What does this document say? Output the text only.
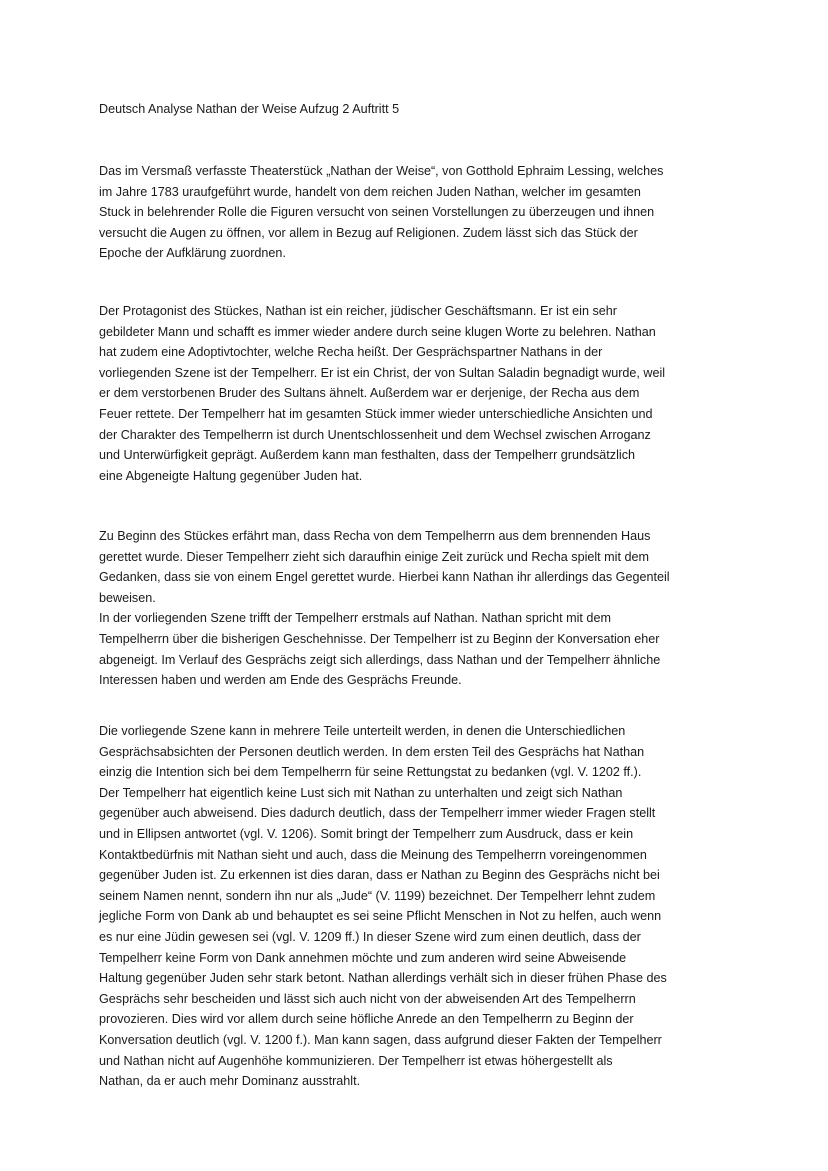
Deutsch Analyse Nathan der Weise Aufzug 2 Auftritt 5

Das im Versmaß verfasste Theaterstück „Nathan der Weise“, von Gotthold Ephraim Lessing, welches
im Jahre 1783 uraufgeführt wurde, handelt von dem reichen Juden Nathan, welcher im gesamten
Stuck in belehrender Rolle die Figuren versucht von seinen Vorstellungen zu überzeugen und ihnen
versucht die Augen zu öffnen, vor allem in Bezug auf Religionen. Zudem lässt sich das Stück der
Epoche der Aufklärung zuordnen.
Der Protagonist des Stückes, Nathan ist ein reicher, jüdischer Geschäftsmann. Er ist ein sehr
gebildeter Mann und schafft es immer wieder andere durch seine klugen Worte zu belehren. Nathan
hat zudem eine Adoptivtochter, welche Recha heißt. Der Gesprächspartner Nathans in der
vorliegenden Szene ist der Tempelherr. Er ist ein Christ, der von Sultan Saladin begnadigt wurde, weil
er dem verstorbenen Bruder des Sultans ähnelt. Außerdem war er derjenige, der Recha aus dem
Feuer rettete. Der Tempelherr hat im gesamten Stück immer wieder unterschiedliche Ansichten und
der Charakter des Tempelherrn ist durch Unentschlossenheit und dem Wechsel zwischen Arroganz
und Unterwürfigkeit geprägt. Außerdem kann man festhalten, dass der Tempelherr grundsätzlich
eine Abgeneigte Haltung gegenüber Juden hat.
Zu Beginn des Stückes erfährt man, dass Recha von dem Tempelherrn aus dem brennenden Haus
gerettet wurde. Dieser Tempelherr zieht sich daraufhin einige Zeit zurück und Recha spielt mit dem
Gedanken, dass sie von einem Engel gerettet wurde. Hierbei kann Nathan ihr allerdings das Gegenteil
beweisen.
In der vorliegenden Szene trifft der Tempelherr erstmals auf Nathan. Nathan spricht mit dem
Tempelherrn über die bisherigen Geschehnisse. Der Tempelherr ist zu Beginn der Konversation eher
abgeneigt. Im Verlauf des Gesprächs zeigt sich allerdings, dass Nathan und der Tempelherr ähnliche
Interessen haben und werden am Ende des Gesprächs Freunde.
Die vorliegende Szene kann in mehrere Teile unterteilt werden, in denen die Unterschiedlichen
Gesprächsabsichten der Personen deutlich werden. In dem ersten Teil des Gesprächs hat Nathan
einzig die Intention sich bei dem Tempelherrn für seine Rettungstat zu bedanken (vgl. V. 1202 ff.).
Der Tempelherr hat eigentlich keine Lust sich mit Nathan zu unterhalten und zeigt sich Nathan
gegenüber auch abweisend. Dies dadurch deutlich, dass der Tempelherr immer wieder Fragen stellt
und in Ellipsen antwortet (vgl. V. 1206). Somit bringt der Tempelherr zum Ausdruck, dass er kein
Kontaktbedürfnis mit Nathan sieht und auch, dass die Meinung des Tempelherrn voreingenommen
gegenüber Juden ist. Zu erkennen ist dies daran, dass er Nathan zu Beginn des Gesprächs nicht bei
seinem Namen nennt, sondern ihn nur als „Jude“ (V. 1199) bezeichnet. Der Tempelherr lehnt zudem
jegliche Form von Dank ab und behauptet es sei seine Pflicht Menschen in Not zu helfen, auch wenn
es nur eine Jüdin gewesen sei (vgl. V. 1209 ff.) In dieser Szene wird zum einen deutlich, dass der
Tempelherr keine Form von Dank annehmen möchte und zum anderen wird seine Abweisende
Haltung gegenüber Juden sehr stark betont. Nathan allerdings verhält sich in dieser frühen Phase des
Gesprächs sehr bescheiden und lässt sich auch nicht von der abweisenden Art des Tempelherrn
provozieren. Dies wird vor allem durch seine höfliche Anrede an den Tempelherrn zu Beginn der
Konversation deutlich (vgl. V. 1200 f.). Man kann sagen, dass aufgrund dieser Fakten der Tempelherr
und Nathan nicht auf Augenhöhe kommunizieren. Der Tempelherr ist etwas höhergestellt als
Nathan, da er auch mehr Dominanz ausstrahlt.
